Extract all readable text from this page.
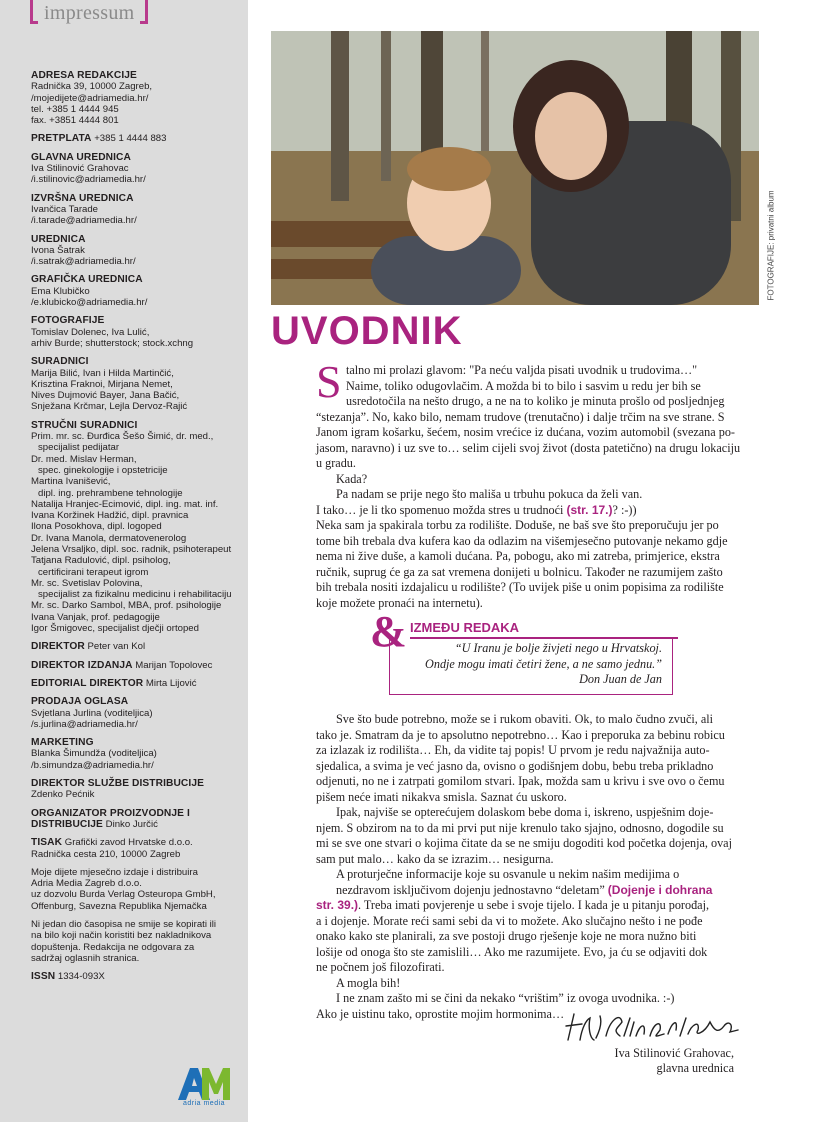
impressum
ADRESA REDAKCIJE
Radnička 39, 10000 Zagreb,
/mojedijete@adriamedia.hr/
tel. +385 1 4444 945
fax. +3851 4444 801
PRETPLATA +385 1 4444 883
GLAVNA UREDNICA
Iva Stilinović Grahovac
/i.stilinovic@adriamedia.hr/
IZVRŠNA UREDNICA
Ivančica Tarade
/i.tarade@adriamedia.hr/
UREDNICA
Ivona Šatrak
/i.satrak@adriamedia.hr/
GRAFIČKA UREDNICA
Ema Klubičko
/e.klubicko@adriamedia.hr/
FOTOGRAFIJE
Tomislav Dolenec, Iva Lulić,
arhiv Burde; shutterstock; stock.xchng
SURADNICI
Marija Bilić, Ivan i Hilda Martinčić,
Krisztina Fraknoi, Mirjana Nemet,
Nives Dujmović Bayer, Jana Bačić,
Snježana Krčmar, Lejla Dervoz-Rajić
STRUČNI SURADNICI
Prim. mr. sc. Đurđica Šešo Šimić, dr. med.,
specijalist pedijatar
Dr. med. Mislav Herman,
spec. ginekologije i opstetricije
Martina Ivanišević,
dipl. ing. prehrambene tehnologije
Natalija Hranjec-Ecimović, dipl. ing. mat. inf.
Ivana Koržinek Hadžić, dipl. pravnica
Ilona Posokhova, dipl. logoped
Dr. Ivana Manola, dermatovenerolog
Jelena Vrsaljko, dipl. soc. radnik, psihoterapeut
Tatjana Radulović, dipl. psiholog,
certificirani terapeut igrom
Mr. sc. Svetislav Polovina,
specijalist za fizikalnu medicinu i rehabilitaciju
Mr. sc. Darko Sambol, MBA, prof. psihologije
Ivana Vanjak, prof. pedagogije
Igor Šmigovec, specijalist dječji ortoped
DIREKTOR Peter van Kol
DIREKTOR IZDANJA Marijan Topolovec
EDITORIAL DIREKTOR Mirta Lijović
PRODAJA OGLASA
Svjetlana Jurlina (voditeljica)
/s.jurlina@adriamedia.hr/
MARKETING
Blanka Šimundža (voditeljica)
/b.simundza@adriamedia.hr/
DIREKTOR SLUŽBE DISTRIBUCIJE
Zdenko Pećnik
ORGANIZATOR PROIZVODNJE I
DISTRIBUCIJE Dinko Jurčić
TISAK Grafički zavod Hrvatske d.o.o.
Radnička cesta 210, 10000 Zagreb
Moje dijete mjesečno izdaje i distribuira
Adria Media Zagreb d.o.o.
uz dozvolu Burda Verlag Osteuropa GmbH,
Offenburg, Savezna Republika Njemačka
Ni jedan dio časopisa ne smije se kopirati ili
na bilo koji način koristiti bez nakladnikova
dopuštenja. Redakcija ne odgovara za
sadržaj oglasnih stranica.
ISSN 1334-093X
adria media
FOTOGRAFIJE: privatni album
UVODNIK
S talno mi prolazi glavom: "Pa neću valjda pisati uvodnik u trudovima…"
Naime, toliko odugovlačim. A možda bi to bilo i sasvim u redu jer bih se
usredotočila na nešto drugo, a ne na to koliko je minuta prošlo od posljednjeg
“stezanja”. No, kako bilo, nemam trudove (trenutačno) i dalje trčim na sve strane. S
Janom igram košarku, šećem, nosim vrećice iz dućana, vozim automobil (svezana po-
jasom, naravno) i uz sve to… selim cijeli svoj život (dosta patetično) na drugu lokaciju
u gradu.
Kada?
Pa nadam se prije nego što mališa u trbuhu pokuca da želi van.
I tako… je li tko spomenuo možda stres u trudnoći (str. 17.)? :-))
Neka sam ja spakirala torbu za rodilište. Doduše, ne baš sve što preporučuju jer po
tome bih trebala dva kufera kao da odlazim na višemjesečno putovanje nekamo gdje
nema ni žive duše, a kamoli dućana. Pa, pobogu, ako mi zatreba, primjerice, ekstra
ručnik, suprug će ga za sat vremena donijeti u bolnicu. Također ne razumijem zašto
bih trebala nositi izdajalicu u rodilište? (To uvijek piše u onim popisima za rodilište
koje možete pronaći na internetu).
& IZMEĐU REDAKA
“U Iranu je bolje živjeti nego u Hrvatskoj.
Ondje mogu imati četiri žene, a ne samo jednu.”
Don Juan de Jan
Sve što bude potrebno, može se i rukom obaviti. Ok, to malo čudno zvuči, ali
tako je. Smatram da je to apsolutno nepotrebno… Kao i preporuka za bebinu robicu
za izlazak iz rodilišta… Eh, da vidite taj popis! U prvom je redu najvažnija auto-
sjedalica, a svima je već jasno da, ovisno o godišnjem dobu, bebu treba prikladno
odjenuti, no ne i zatrpati gomilom stvari. Ipak, možda sam u krivu i sve ovo o čemu
pišem neće imati nikakva smisla. Saznat ću uskoro.
Ipak, najviše se opterećujem dolaskom bebe doma i, iskreno, uspješnim doje-
njem. S obzirom na to da mi prvi put nije krenulo tako sjajno, odnosno, dogodile su
mi se sve one stvari o kojima čitate da se ne smiju dogoditi kod početka dojenja, ovaj
sam put malo… kako da se izrazim… nesigurna.
A proturječne informacije koje su osvanule u nekim našim medijima o
nezdravom isključivom dojenju jednostavno “deletam” (Dojenje i dohrana
str. 39.). Treba imati povjerenje u sebe i svoje tijelo. I kada je u pitanju porođaj,
a i dojenje. Morate reći sami sebi da vi to možete. Ako slučajno nešto i ne pođe
onako kako ste planirali, za sve postoji drugo rješenje koje ne mora nužno biti
lošije od onoga što ste zamislili… Ako me razumijete. Evo, ja ću se odjaviti dok
ne počnem još filozofirati.
A mogla bih!
I ne znam zašto mi se čini da nekako “vrištim” iz ovoga uvodnika. :-)
Ako je uistinu tako, oprostite mojim hormonima…
Iva Stilinović Grahovac,
glavna urednica
